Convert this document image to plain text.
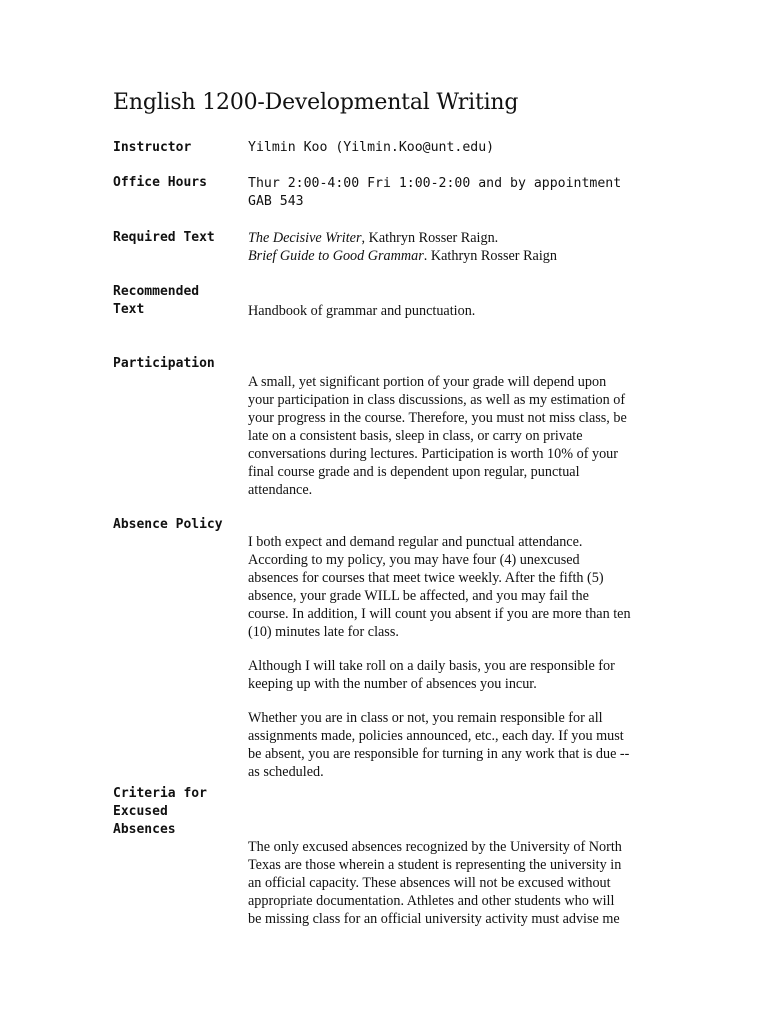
English 1200-Developmental Writing
Instructor	Yilmin Koo (Yilmin.Koo@unt.edu)
Office Hours	Thur 2:00-4:00 Fri 1:00-2:00 and by appointment
GAB 543
Required Text	The Decisive Writer, Kathryn Rosser Raign.
Brief Guide to Good Grammar. Kathryn Rosser Raign
Recommended
Text	Handbook of grammar and punctuation.
Participation
A small, yet significant portion of your grade will depend upon
your participation in class discussions, as well as my estimation of
your progress in the course. Therefore, you must not miss class, be
late on a consistent basis, sleep in class, or carry on private
conversations during lectures. Participation is worth 10% of your
final course grade and is dependent upon regular, punctual
attendance.
Absence Policy
I both expect and demand regular and punctual attendance.
According to my policy, you may have four (4) unexcused
absences for courses that meet twice weekly. After the fifth (5)
absence, your grade WILL be affected, and you may fail the
course. In addition, I will count you absent if you are more than ten
(10) minutes late for class.
Although I will take roll on a daily basis, you are responsible for
keeping up with the number of absences you incur.
Whether you are in class or not, you remain responsible for all
assignments made, policies announced, etc., each day. If you must
be absent, you are responsible for turning in any work that is due --
as scheduled.
Criteria for
Excused
Absences
The only excused absences recognized by the University of North
Texas are those wherein a student is representing the university in
an official capacity. These absences will not be excused without
appropriate documentation. Athletes and other students who will
be missing class for an official university activity must advise me
